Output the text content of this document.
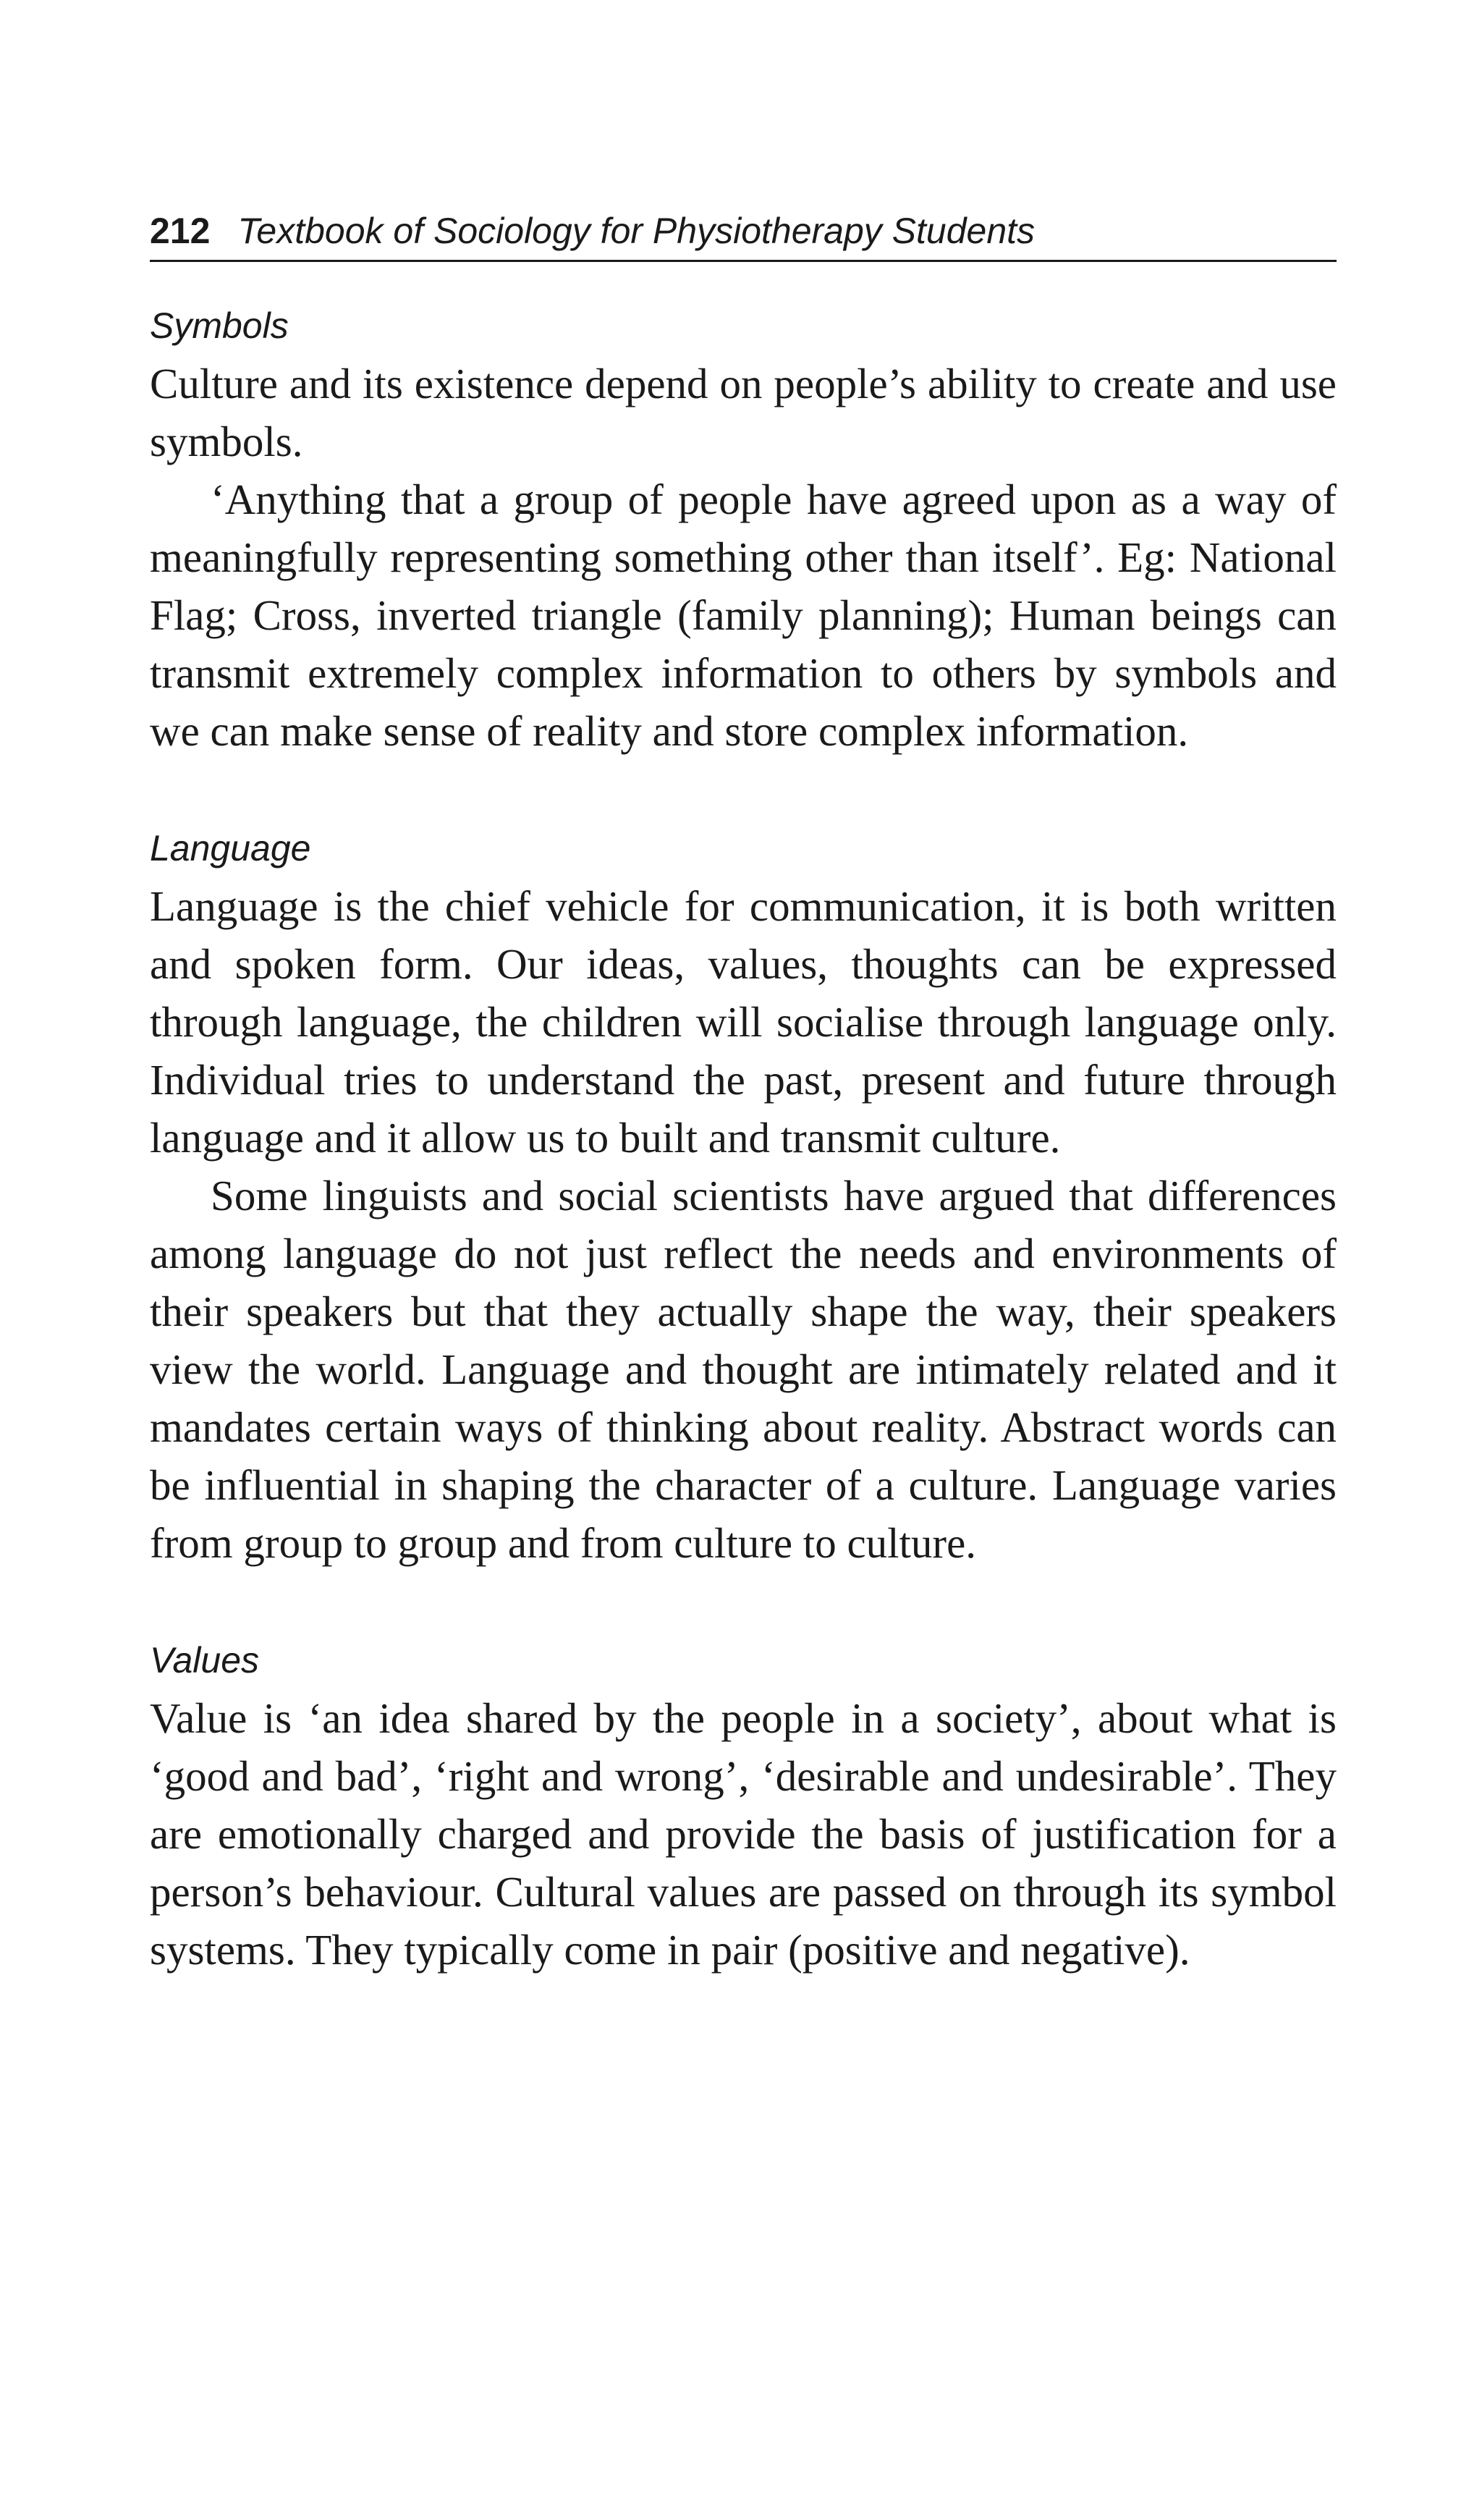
212 Textbook of Sociology for Physiotherapy Students
Symbols

Culture and its existence depend on people’s ability to create and use symbols.

‘Anything that a group of people have agreed upon as a way of meaningfully representing something other than itself’. Eg: National Flag; Cross, inverted triangle (family planning); Human beings can transmit extremely complex information to others by symbols and we can make sense of reality and store complex information.

Language

Language is the chief vehicle for communication, it is both written and spoken form. Our ideas, values, thoughts can be expressed through language, the children will socialise through language only. Individual tries to understand the past, present and future through language and it allow us to built and transmit culture.

Some linguists and social scientists have argued that differences among language do not just reflect the needs and environments of their speakers but that they actually shape the way, their speakers view the world. Language and thought are intimately related and it mandates certain ways of thinking about reality. Abstract words can be influential in shaping the character of a culture. Language varies from group to group and from culture to culture.

Values

Value is ‘an idea shared by the people in a society’, about what is ‘good and bad’, ‘right and wrong’, ‘desirable and undesirable’. They are emotionally charged and provide the basis of justification for a person’s behaviour. Cultural values are passed on through its symbol systems. They typically come in pair (positive and negative).
